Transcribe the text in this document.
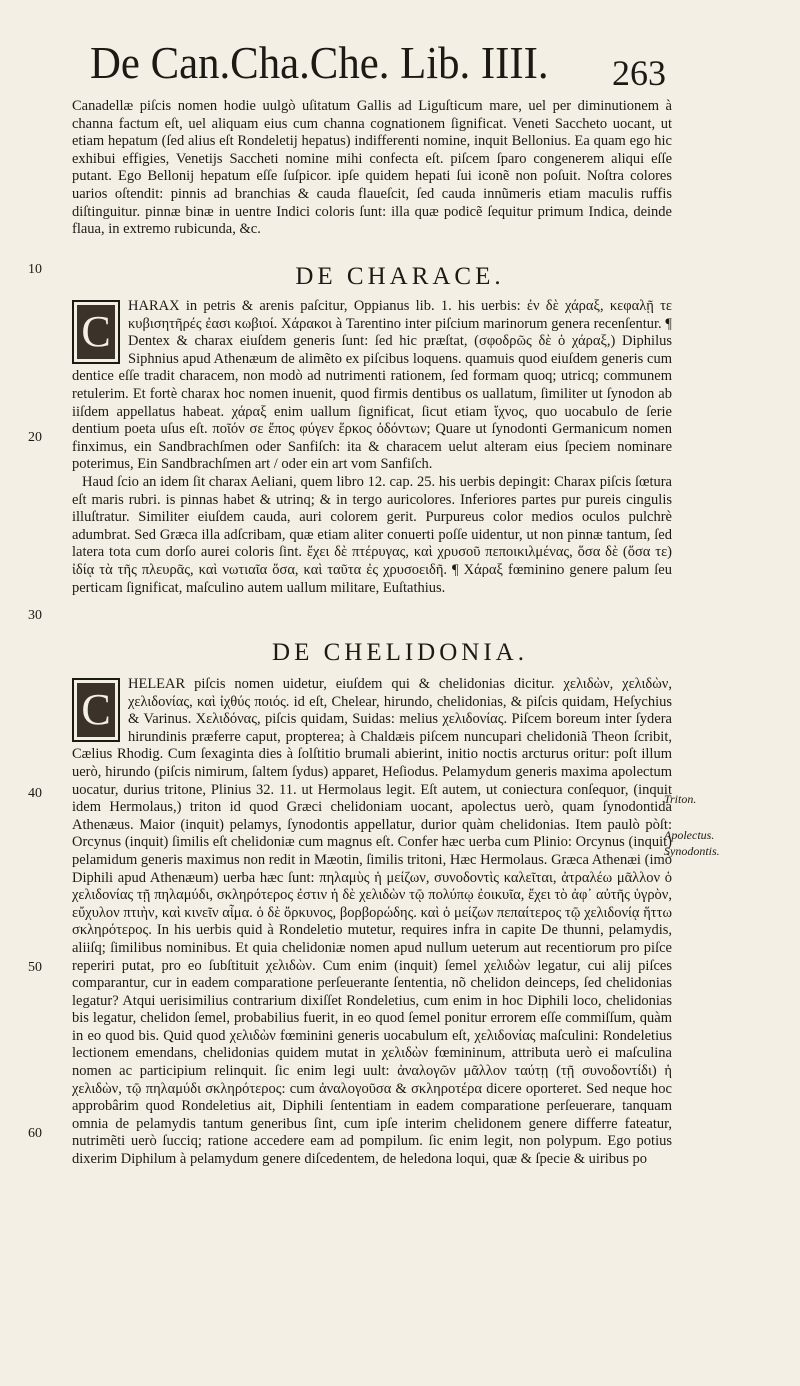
De Can.Cha.Che. Lib. IIII. 263

Canadellæ piſcis nomen hodie uulgò uſitatum Gallis ad Liguſticum mare, uel per diminutionem à channa factum eſt, uel aliquam eius cum channa cognationem ſignificat. Veneti Saccheto uocant, ut etiam hepatum (ſed alius eſt Rondeletij hepatus) indifferenti nomine, inquit Bellonius. Ea quam ego hic exhibui effigies, Venetijs Saccheti nomine mihi confecta eſt. piſcem ſparo congenerem aliqui eſſe putant. Ego Bellonij hepatum eſſe ſuſpicor. ipſe quidem hepati ſui iconẽ non poſuit. Noſtra colores uarios oſtendit: pinnis ad branchias & cauda flaueſcit, ſed cauda innũmeris etiam maculis ruffis diſtinguitur. pinnæ binæ in uentre Indici coloris ſunt: illa quæ podicẽ ſequitur primum Indica, deinde flaua, in extremo rubicunda, &c.

10	DE CHARACE.
C

HARAX in petris & arenis paſcitur, Oppianus lib. 1. his uerbis: ἐν δὲ χάραξ, κεφαλῇ τε κυβισητῆρές ἐασι κωβιοί. Χάρακοι à Tarentino inter piſcium marinorum genera recenſentur. ¶ Dentex & charax eiuſdem generis ſunt: ſed hic præſtat, (σφοδρῶς δὲ ὁ χάραξ,) Diphilus Siphnius apud Athenæum de alimẽto ex piſcibus loquens. quamuis quod eiuſdem generis cum dentice eſſe tradit characem, non modò ad nutrimenti rationem, ſed formam quoq; utricq; communem retulerim. Et fortè charax hoc nomen inuenit, quod firmis dentibus os uallatum, ſimiliter ut ſynodon ab iiſdem appellatus habeat. χάραξ enim uallum ſignificat, ſicut etiam ἴχνος, quo uocabulo de ſerie dentium poeta uſus eſt. ποῖόν σε ἔπος φύγεν ἕρκος ὀδόντων; Quare ut ſynodonti Germanicum nomen finximus, ein Sandbrachſmen oder Sanfiſch: ita & characem uelut alteram eius ſpeciem nominare poterimus, Ein Sandbrachſmen art / oder ein art vom Sanfiſch.

Haud ſcio an idem ſit charax Aeliani, quem libro 12. cap. 25. his uerbis depingit: Charax piſcis ſœtura eſt maris rubri. is pinnas habet & utrinq; & in tergo auricolores. Inferiores partes pur pureis cingulis illuſtratur. Similiter eiuſdem cauda, auri colorem gerit. Purpureus color medios oculos pulchrè adumbrat. Sed Græca illa adſcribam, quæ etiam aliter conuerti poſſe uidentur, ut non pinnæ tantum, ſed latera tota cum dorſo aurei coloris ſint. ἔχει δὲ πτέρυγας, καὶ χρυσοῦ πεποικιλμένας, ὅσα δὲ (ὅσα τε) ἰδίᾳ τὰ τῆς πλευρᾶς, καὶ νωτιαῖα ὅσα, καὶ ταῦτα ἐς χρυσοειδῆ. ¶ Χάραξ fœminino genere palum ſeu perticam ſignificat, maſculino autem uallum militare, Euſtathius.

20
30
DE CHELIDONIA.
C

HELEAR piſcis nomen uidetur, eiuſdem qui & chelidonias dicitur. χελιδὼν, χελιδὼν, χελιδονίας, καὶ ἰχθύς ποιός. id eſt, Chelear, hirundo, chelidonias, & piſcis quidam, Heſychius & Varinus. Χελιδόνας, piſcis quidam, Suidas: melius χελιδονίας. Piſcem boreum inter ſydera hirundinis præferre caput, propterea; à Chaldæis piſcem nuncupari chelidoniã Theon ſcribit, Cælius Rhodig. Cum ſexaginta dies à ſolſtitio brumali abierint, initio noctis arcturus oritur: poſt illum uerò, hirundo (piſcis nimirum, ſaltem ſydus) apparet, Heſiodus. Pelamydum generis maxima apolectum uocatur, durius tritone, Plinius 32. 11. ut Hermolaus legit. Eſt autem, ut coniectura conſequor, (inquit idem Hermolaus,) triton id quod Græci chelidoniam uocant, apolectus uerò, quam ſynodontida Athenæus. Maior (inquit) pelamys, ſynodontis appellatur, durior quàm chelidonias. Item paulò pòſt: Orcynus (inquit) ſimilis eſt chelidoniæ cum magnus eſt. Confer hæc uerba cum Plinio: Orcynus (inquit) pelamidum generis maximus non redit in Mæotin, ſimilis tritoni, Hæc Hermolaus. Græca Athenæi (imò Diphili apud Athenæum) uerba hæc ſunt: πηλαμὺς ἡ μείζων, συνοδοντὶς καλεῖται, ἀτραλέω μᾶλλον ὁ χελιδονίας τῇ πηλαμύδι, σκληρότερος ἐστιν ἡ δὲ χελιδὼν τῷ πολύπῳ ἐοικυῖα, ἔχει τὸ ἀφ᾽ αὐτῆς ὑγρὸν, εὔχυλον πτιὴν, καὶ κινεῖν αἷμα. ὁ δὲ ὄρκυνος, βορβορώδης. καὶ ὁ μείζων πεπαίτερος τῷ χελιδονίᾳ ἥττω σκληρότερος. In his uerbis quid à Rondeletio mutetur, requires infra in capite De thunni, pelamydis, aliiſq; ſimilibus nominibus. Et quia chelidoniæ nomen apud nullum ueterum aut recentiorum pro piſce reperiri putat, pro eo ſubſtituit χελιδὼν. Cum enim (inquit) ſemel χελιδὼν legatur, cui alij piſces comparantur, cur in eadem comparatione perſeuerante ſententia, nõ chelidon deinceps, ſed chelidonias legatur? Atqui uerisimilius contrarium dixiſſet Rondeletius, cum enim in hoc Diphili loco, chelidonias bis legatur, chelidon ſemel, probabilius fuerit, in eo quod ſemel ponitur errorem eſſe commiſſum, quàm in eo quod bis. Quid quod χελιδὼν fœminini generis uocabulum eſt, χελιδονίας maſculini: Rondeletius lectionem emendans, chelidonias quidem mutat in χελιδὼν fœmininum, attributa uerò ei maſculina nomen ac participium relinquit. ſic enim legi uult: ἀναλογῶν μᾶλλον ταύτῃ (τῇ συνοδοντίδι) ἡ χελιδὼν, τῷ πηλαμύδι σκληρότερος: cum ἀναλογοῦσα & σκληροτέρα dicere oporteret. Sed neque hoc approbârim quod Rondeletius ait, Diphili ſententiam in eadem comparatione perſeuerare, tanquam omnia de pelamydis tantum generibus ſint, cum ipſe interim chelidonem genere differre fateatur, nutrimẽti uerò ſucciq; ratione accedere eam ad pompilum. ſic enim legit, non polypum. Ego potius dixerim Diphilum à pelamydum genere diſcedentem, de heledona loqui, quæ & ſpecie & uiribus po

40
50
60
Triton.
Apolectus.
Synodontis.
